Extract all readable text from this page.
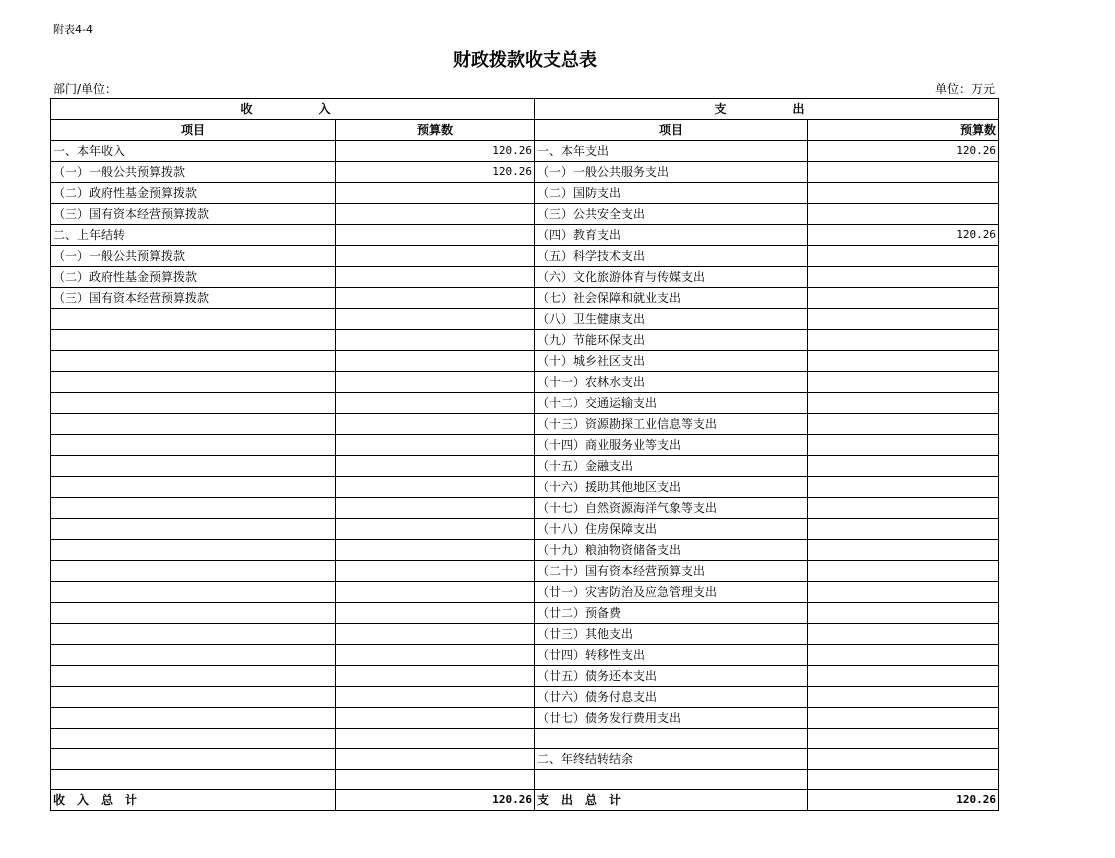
附表4-4
财政拨款收支总表
部门/单位：	单位：万元
收　　入		支　　出	
项目	预算数	项目	预算数
一、本年收入	120.26	一、本年支出	120.26
（一）一般公共预算拨款	120.26	（一）一般公共服务支出	
（二）政府性基金预算拨款		（二）国防支出	
（三）国有资本经营预算拨款		（三）公共安全支出	
二、上年结转		（四）教育支出	120.26
（一）一般公共预算拨款		（五）科学技术支出	
（二）政府性基金预算拨款		（六）文化旅游体育与传媒支出	
（三）国有资本经营预算拨款		（七）社会保障和就业支出	
		（八）卫生健康支出	
		（九）节能环保支出	
		（十）城乡社区支出	
		（十一）农林水支出	
		（十二）交通运输支出	
		（十三）资源勘探工业信息等支出	
		（十四）商业服务业等支出	
		（十五）金融支出	
		（十六）援助其他地区支出	
		（十七）自然资源海洋气象等支出	
		（十八）住房保障支出	
		（十九）粮油物资储备支出	
		（二十）国有资本经营预算支出	
		（廿一）灾害防治及应急管理支出	
		（廿二）预备费	
		（廿三）其他支出	
		（廿四）转移性支出	
		（廿五）债务还本支出	
		（廿六）债务付息支出	
		（廿七）债务发行费用支出	

		二、年终结转结余	

收　入　总　计	120.26	支　出　总　计	120.26
